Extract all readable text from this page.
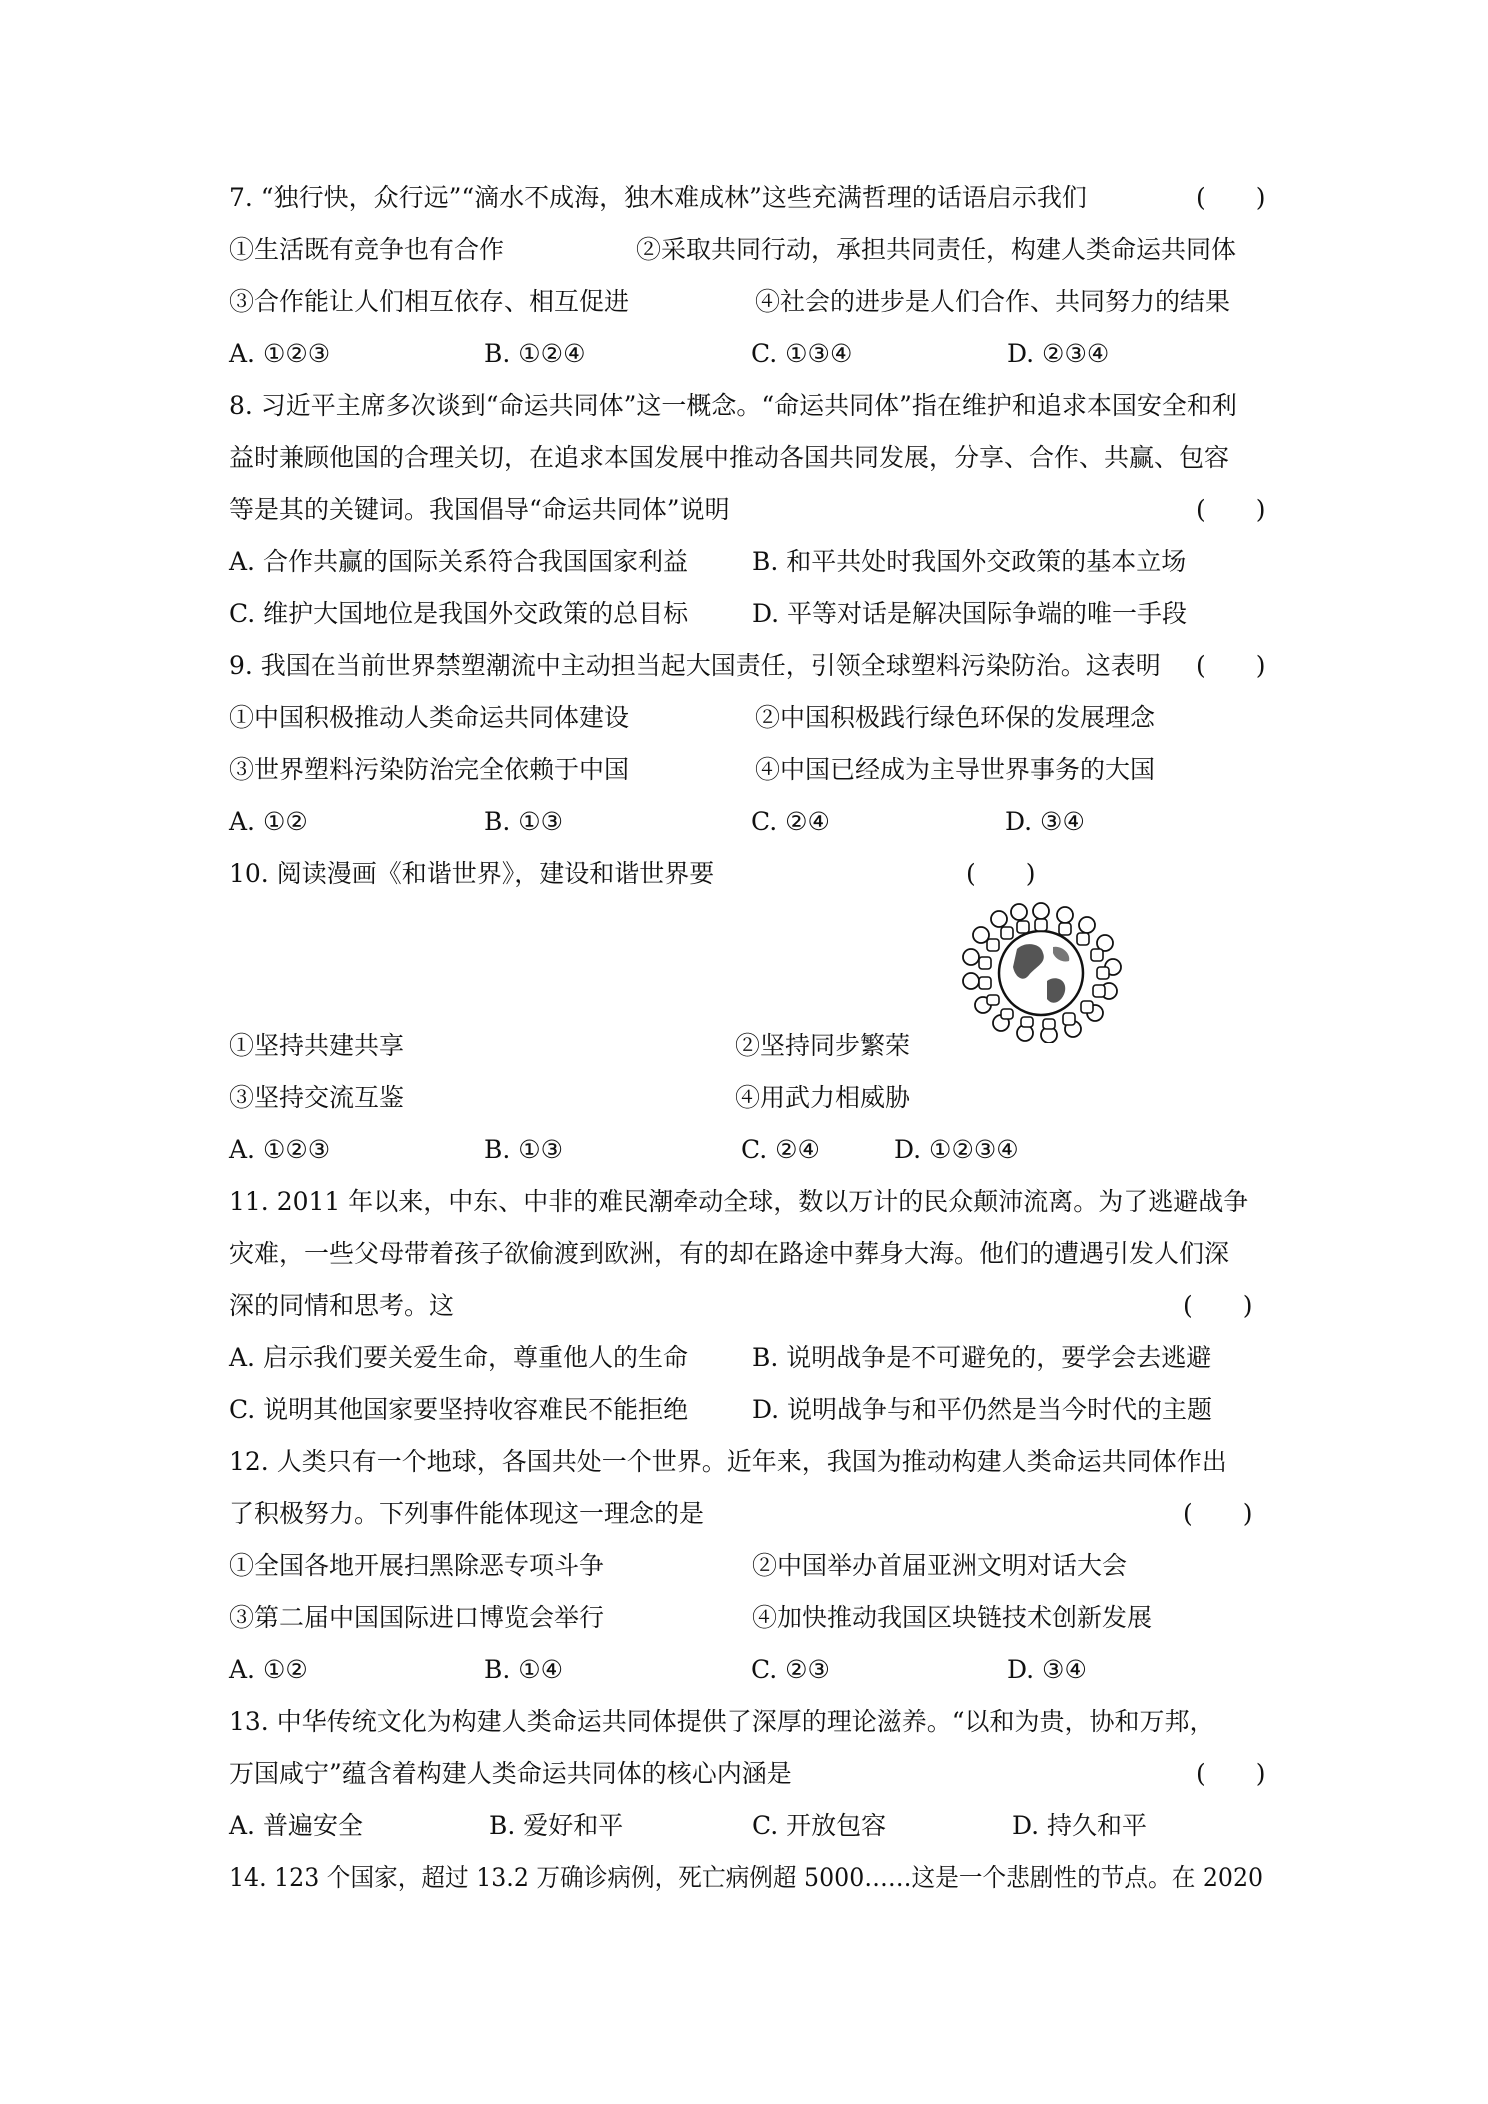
7. “独行快，众行远”“滴水不成海，独木难成林”这些充满哲理的话语启示我们	(　　)
①生活既有竞争也有合作	②采取共同行动，承担共同责任，构建人类命运共同体
③合作能让人们相互依存、相互促进	④社会的进步是人们合作、共同努力的结果
A. ①②③	B. ①②④	C. ①③④	D. ②③④
8. 习近平主席多次谈到“命运共同体”这一概念。“命运共同体”指在维护和追求本国安全和利
益时兼顾他国的合理关切，在追求本国发展中推动各国共同发展，分享、合作、共赢、包容
等是其的关键词。我国倡导“命运共同体”说明	(　　)
A. 合作共赢的国际关系符合我国国家利益	B. 和平共处时我国外交政策的基本立场
C. 维护大国地位是我国外交政策的总目标	D. 平等对话是解决国际争端的唯一手段
9. 我国在当前世界禁塑潮流中主动担当起大国责任，引领全球塑料污染防治。这表明 (　　)
①中国积极推动人类命运共同体建设	②中国积极践行绿色环保的发展理念
③世界塑料污染防治完全依赖于中国	④中国已经成为主导世界事务的大国
A. ①②	B. ①③	C. ②④	D. ③④
10. 阅读漫画《和谐世界》，建设和谐世界要	(　　)
①坚持共建共享	②坚持同步繁荣
③坚持交流互鉴	④用武力相威胁
A. ①②③	B. ①③	C. ②④	D. ①②③④
11. 2011 年以来，中东、中非的难民潮牵动全球，数以万计的民众颠沛流离。为了逃避战争
灾难，一些父母带着孩子欲偷渡到欧洲，有的却在路途中葬身大海。他们的遭遇引发人们深
深的同情和思考。这	(　　)
A. 启示我们要关爱生命，尊重他人的生命	B. 说明战争是不可避免的，要学会去逃避
C. 说明其他国家要坚持收容难民不能拒绝	D. 说明战争与和平仍然是当今时代的主题
12. 人类只有一个地球，各国共处一个世界。近年来，我国为推动构建人类命运共同体作出
了积极努力。下列事件能体现这一理念的是	(　　)
①全国各地开展扫黑除恶专项斗争	②中国举办首届亚洲文明对话大会
③第二届中国国际进口博览会举行	④加快推动我国区块链技术创新发展
A. ①②	B. ①④	C. ②③	D. ③④
13. 中华传统文化为构建人类命运共同体提供了深厚的理论滋养。“以和为贵，协和万邦，
万国咸宁”蕴含着构建人类命运共同体的核心内涵是	(　　)
A. 普遍安全	B. 爱好和平	C. 开放包容	D. 持久和平
14. 123 个国家，超过 13.2 万确诊病例，死亡病例超 5000……这是一个悲剧性的节点。在 2020
